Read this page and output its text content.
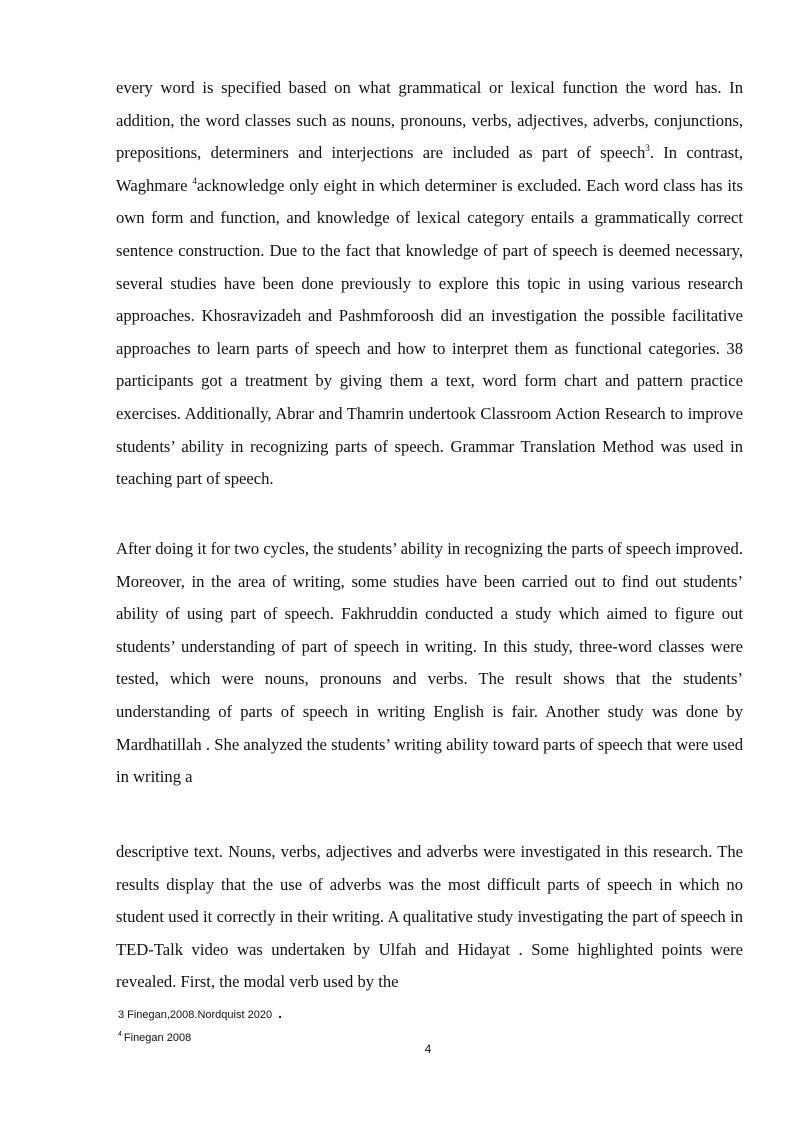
every word is specified based on what grammatical or lexical function the word has. In addition, the word classes such as nouns, pronouns, verbs, adjectives, adverbs, conjunctions, prepositions, determiners and interjections are included as part of speech$^3$. In contrast, Waghmare $^4$acknowledge only eight in which determiner is excluded. Each word class has its own form and function, and knowledge of lexical category entails a grammatically correct sentence construction. Due to the fact that knowledge of part of speech is deemed necessary, several studies have been done previously to explore this topic in using various research approaches. Khosravizadeh and Pashmforoosh did an investigation the possible facilitative approaches to learn parts of speech and how to interpret them as functional categories. 38 participants got a treatment by giving them a text, word form chart and pattern practice exercises. Additionally, Abrar and Thamrin undertook Classroom Action Research to improve students’ ability in recognizing parts of speech. Grammar Translation Method was used in teaching part of speech.

After doing it for two cycles, the students’ ability in recognizing the parts of speech improved. Moreover, in the area of writing, some studies have been carried out to find out students’ ability of using part of speech. Fakhruddin conducted a study which aimed to figure out students’ understanding of part of speech in writing. In this study, three-word classes were tested, which were nouns, pronouns and verbs. The result shows that the students’ understanding of parts of speech in writing English is fair. Another study was done by Mardhatillah . She analyzed the students’ writing ability toward parts of speech that were used in writing a

descriptive text. Nouns, verbs, adjectives and adverbs were investigated in this research. The results display that the use of adverbs was the most difficult parts of speech in which no student used it correctly in their writing. A qualitative study investigating the part of speech in TED-Talk video was undertaken by Ulfah and Hidayat . Some highlighted points were revealed. First, the modal verb used by the

3 Finegan,2008.Nordquist 2020 .
$^4$ Finegan 2008
4
